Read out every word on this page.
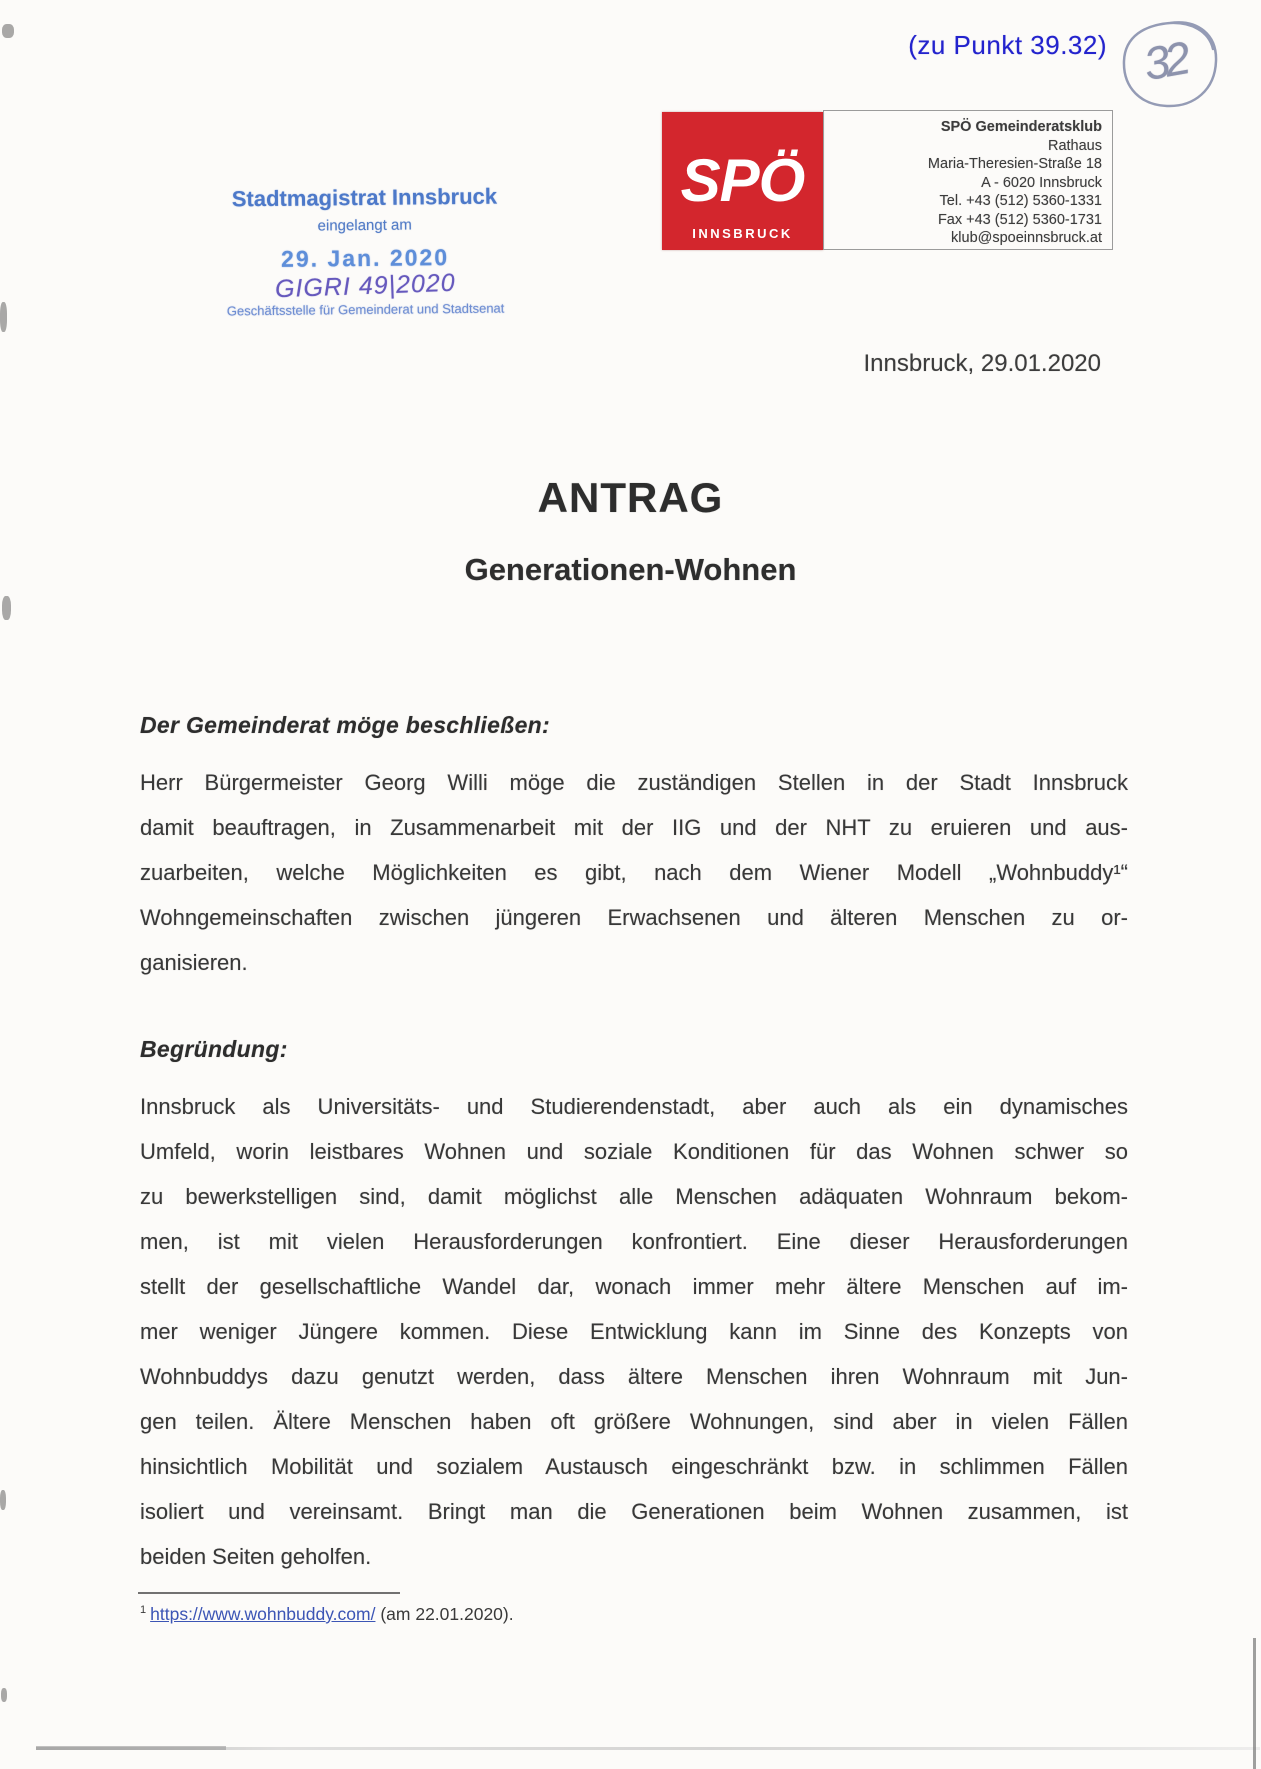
(zu Punkt 39.32) 32
Stadtmagistrat Innsbruck
eingelangt am
29. Jan. 2020
GIGRI 49|2020
Geschäftsstelle für Gemeinderat und Stadtsenat
SPÖ
INNSBRUCK
SPÖ Gemeinderatsklub
Rathaus
Maria-Theresien-Straße 18
A - 6020 Innsbruck
Tel. +43 (512) 5360-1331
Fax +43 (512) 5360-1731
klub@spoeinnsbruck.at
Innsbruck, 29.01.2020
ANTRAG
Generationen-Wohnen
Der Gemeinderat möge beschließen:
Herr Bürgermeister Georg Willi möge die zuständigen Stellen in der Stadt Innsbruck
damit beauftragen, in Zusammenarbeit mit der IIG und der NHT zu eruieren und aus-
zuarbeiten, welche Möglichkeiten es gibt, nach dem Wiener Modell „Wohnbuddy¹“
Wohngemeinschaften zwischen jüngeren Erwachsenen und älteren Menschen zu or-
ganisieren.
Begründung:
Innsbruck als Universitäts- und Studierendenstadt, aber auch als ein dynamisches
Umfeld, worin leistbares Wohnen und soziale Konditionen für das Wohnen schwer so
zu bewerkstelligen sind, damit möglichst alle Menschen adäquaten Wohnraum bekom-
men, ist mit vielen Herausforderungen konfrontiert. Eine dieser Herausforderungen
stellt der gesellschaftliche Wandel dar, wonach immer mehr ältere Menschen auf im-
mer weniger Jüngere kommen. Diese Entwicklung kann im Sinne des Konzepts von
Wohnbuddys dazu genutzt werden, dass ältere Menschen ihren Wohnraum mit Jun-
gen teilen. Ältere Menschen haben oft größere Wohnungen, sind aber in vielen Fällen
hinsichtlich Mobilität und sozialem Austausch eingeschränkt bzw. in schlimmen Fällen
isoliert und vereinsamt. Bringt man die Generationen beim Wohnen zusammen, ist
beiden Seiten geholfen.
$^1$ https://www.wohnbuddy.com/ (am 22.01.2020).
